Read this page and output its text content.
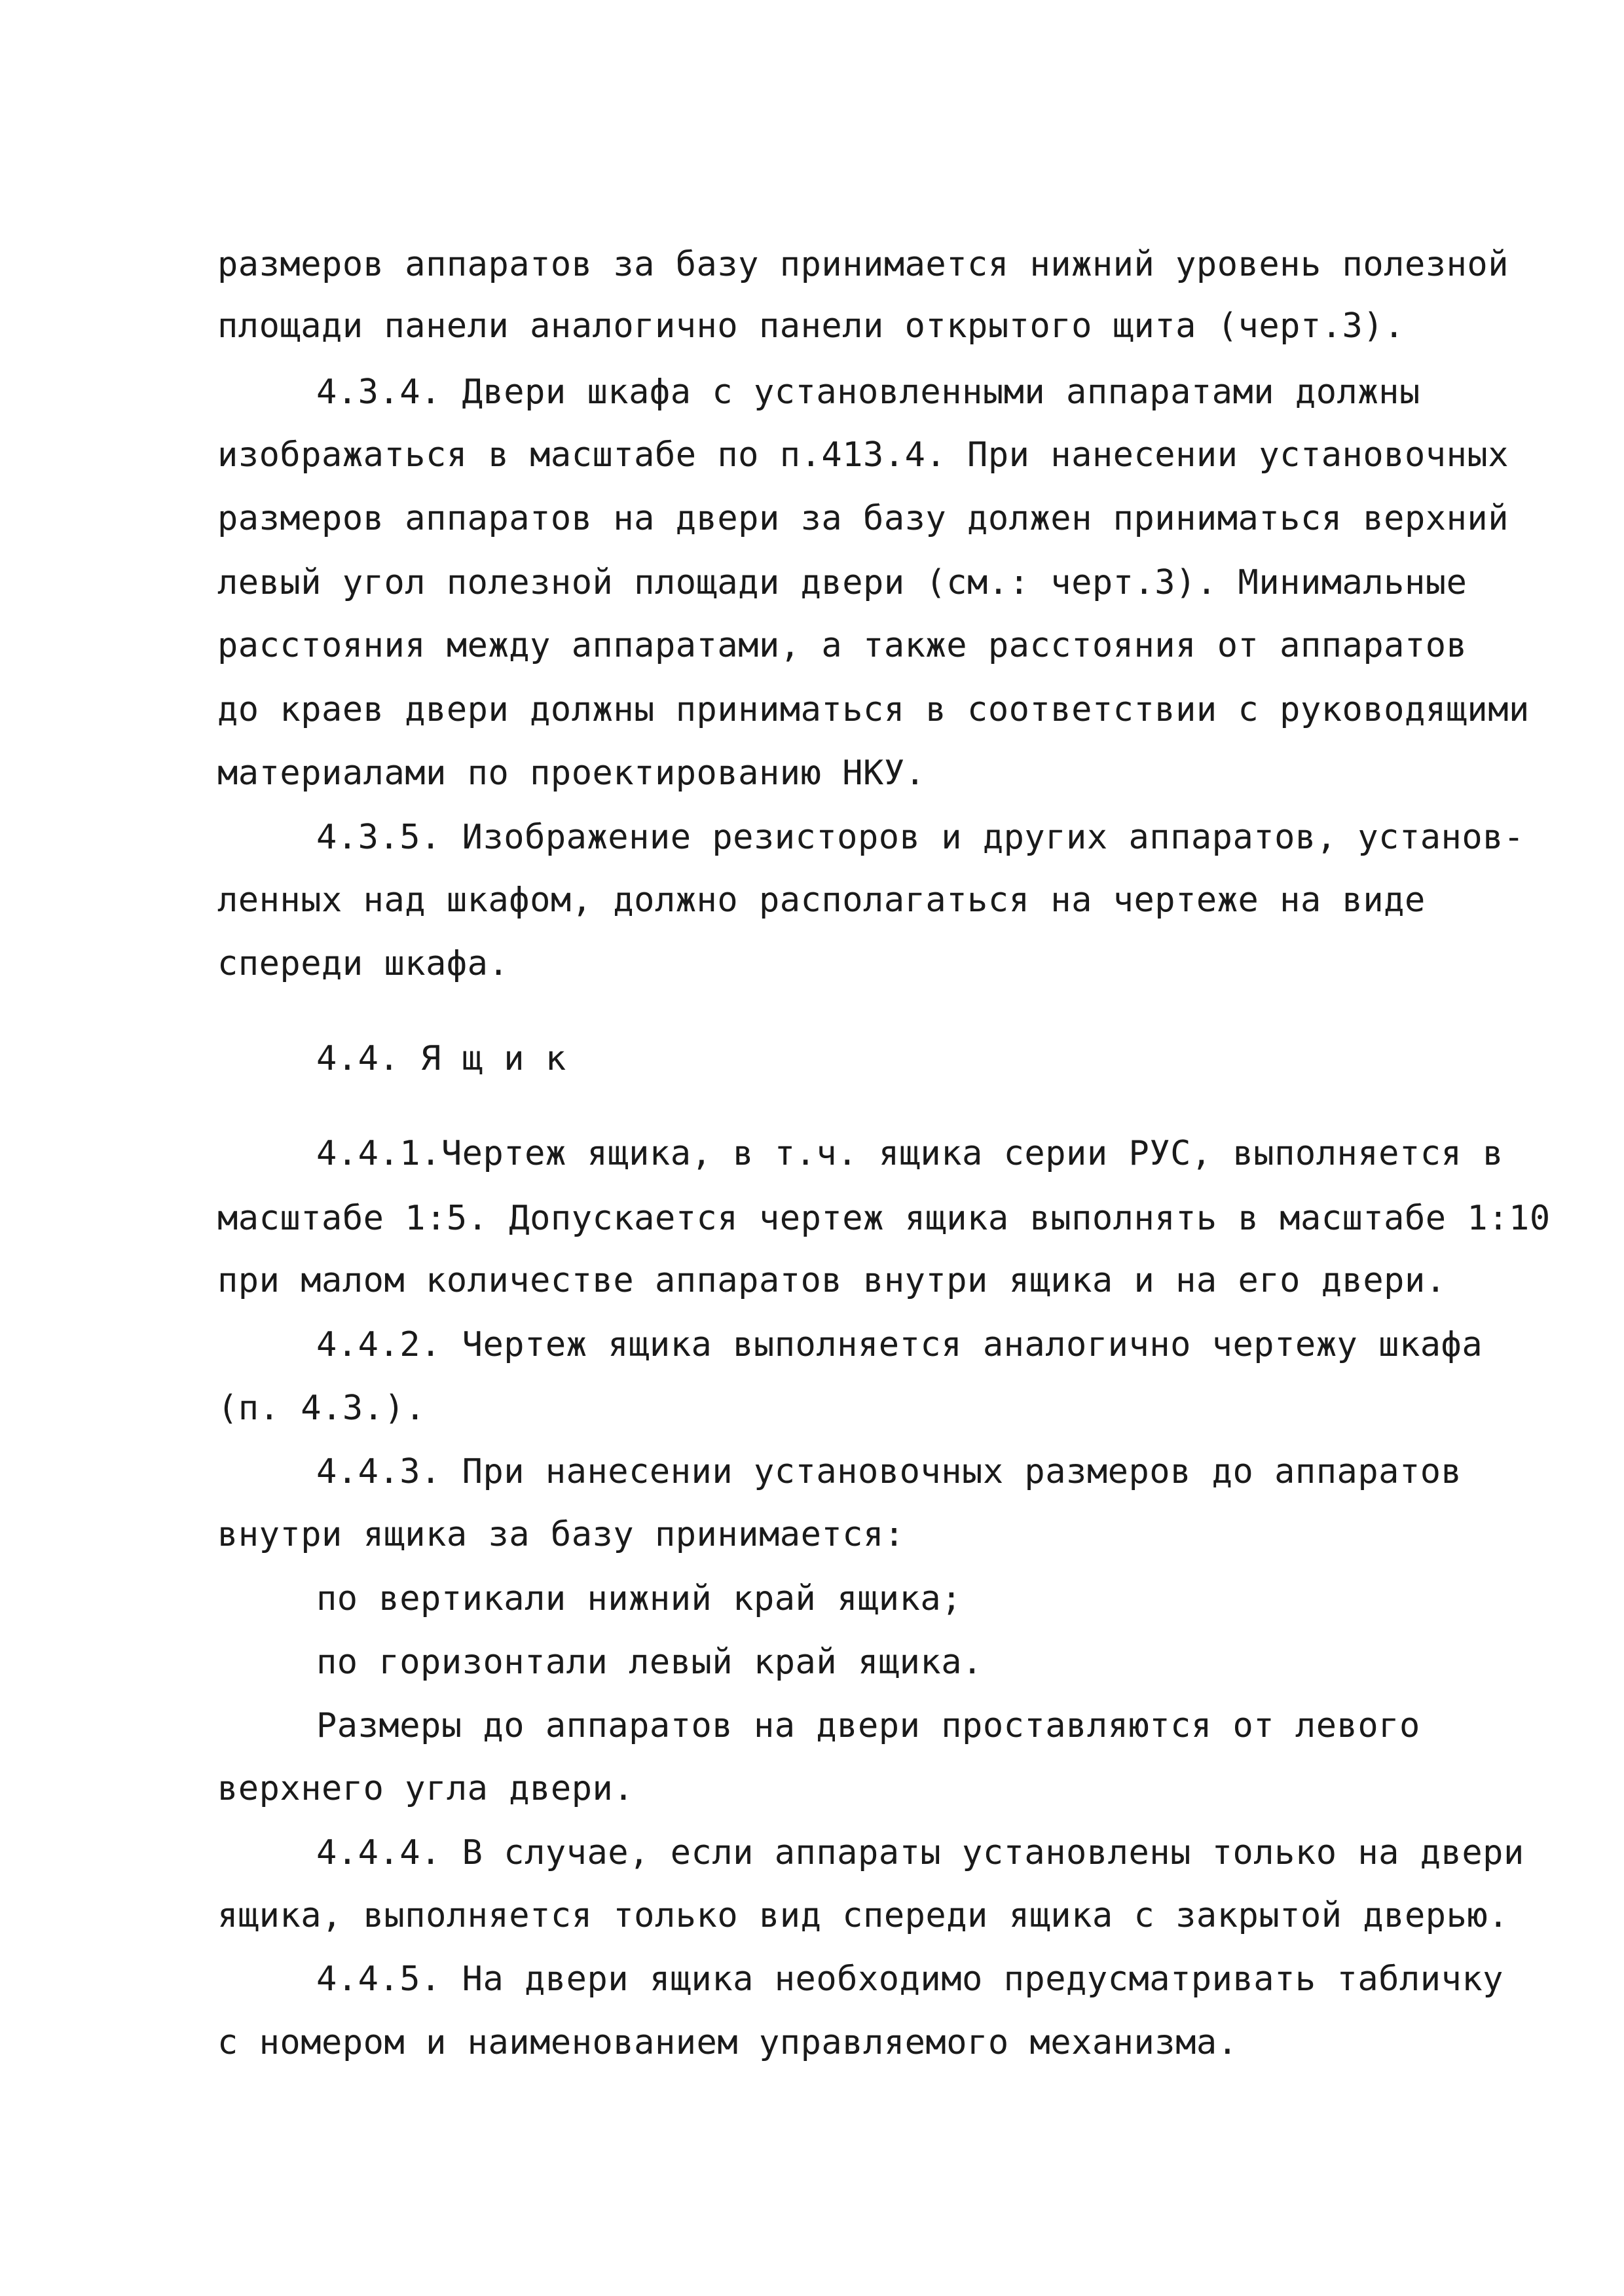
размеров аппаратов за базу принимается нижний уровень полезной
площади панели аналогично панели открытого щита (черт.3).
4.3.4. Двери шкафа с установленными аппаратами должны
изображаться в масштабе по п.413.4. При нанесении установочных
размеров аппаратов на двери за базу должен приниматься верхний
левый угол полезной площади двери (см.: черт.3). Минимальные
расстояния между аппаратами, а также расстояния от аппаратов
до краев двери должны приниматься в соответствии с руководящими
материалами по проектированию НКУ.
4.3.5. Изображение резисторов и других аппаратов, установ-
ленных над шкафом, должно располагаться на чертеже на виде
спереди шкафа.
4.4. Я щ и к
4.4.1.Чертеж ящика, в т.ч. ящика серии РУС, выполняется в
масштабе 1:5. Допускается чертеж ящика выполнять в масштабе 1:10
при малом количестве аппаратов внутри ящика и на его двери.
4.4.2. Чертеж ящика выполняется аналогично чертежу шкафа
(п. 4.3.).
4.4.3. При нанесении установочных размеров до аппаратов
внутри ящика за базу принимается:
по вертикали нижний край ящика;
по горизонтали левый край ящика.
Размеры до аппаратов на двери проставляются от левого
верхнего угла двери.
4.4.4. В случае, если аппараты установлены только на двери
ящика, выполняется только вид спереди ящика с закрытой дверью.
4.4.5. На двери ящика необходимо предусматривать табличку
с номером и наименованием управляемого механизма.
